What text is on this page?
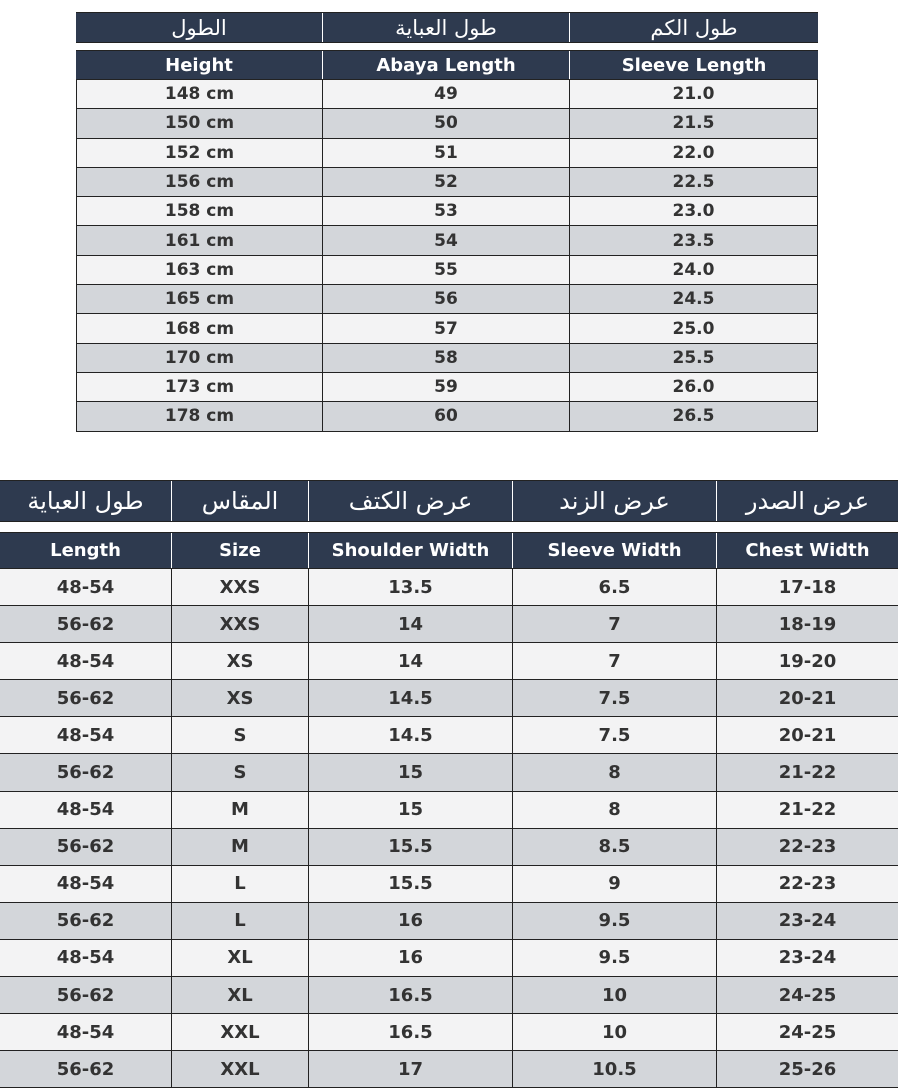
الطول	طول العباية	طول الكم
Height	Abaya Length	Sleeve Length
148 cm	49	21.0
150 cm	50	21.5
152 cm	51	22.0
156 cm	52	22.5
158 cm	53	23.0
161 cm	54	23.5
163 cm	55	24.0
165 cm	56	24.5
168 cm	57	25.0
170 cm	58	25.5
173 cm	59	26.0
178 cm	60	26.5
طول العباية	المقاس	عرض الكتف	عرض الزند	عرض الصدر
Length	Size	Shoulder Width	Sleeve Width	Chest Width
48-54	XXS	13.5	6.5	17-18
56-62	XXS	14	7	18-19
48-54	XS	14	7	19-20
56-62	XS	14.5	7.5	20-21
48-54	S	14.5	7.5	20-21
56-62	S	15	8	21-22
48-54	M	15	8	21-22
56-62	M	15.5	8.5	22-23
48-54	L	15.5	9	22-23
56-62	L	16	9.5	23-24
48-54	XL	16	9.5	23-24
56-62	XL	16.5	10	24-25
48-54	XXL	16.5	10	24-25
56-62	XXL	17	10.5	25-26
